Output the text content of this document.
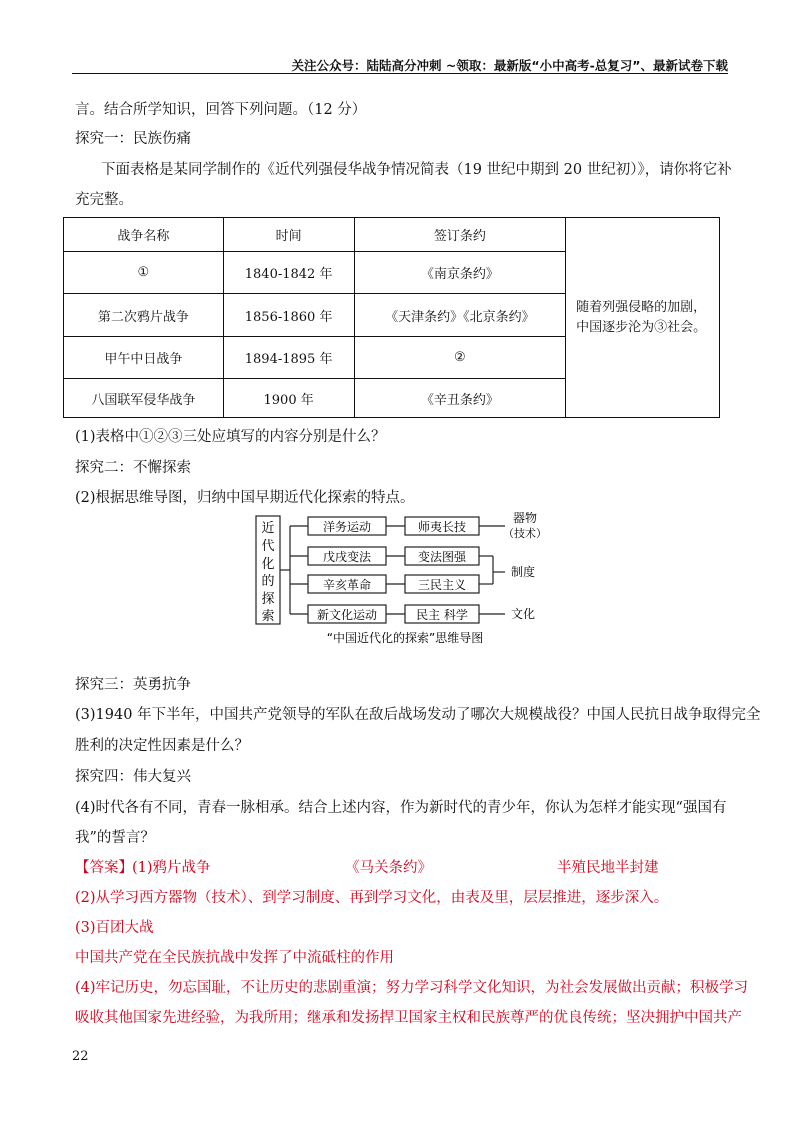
关注公众号：陆陆高分冲刺 ~领取：最新版“小中高考-总复习”、最新试卷下载
言。结合所学知识，回答下列问题。（12 分）
探究一：民族伤痛
下面表格是某同学制作的《近代列强侵华战争情况简表（19 世纪中期到 20 世纪初）》，请你将它补
充完整。
战争名称	时间	签订条约	随着列强侵略的加剧，中国逐步沦为③社会。
①	1840-1842 年	《南京条约》	
第二次鸦片战争	1856-1860 年	《天津条约》《北京条约》	
甲午中日战争	1894-1895 年	②	
八国联军侵华战争	1900 年	《辛丑条约》	
(1)表格中①②③三处应填写的内容分别是什么？
探究二：不懈探索
(2)根据思维导图，归纳中国早期近代化探索的特点。
近
代
化
的
探
索
洋务运动
戊戌变法
辛亥革命
新文化运动
师夷长技
变法图强
三民主义
民主 科学
器物
（技术）
制度
文化
“中国近代化的探索”思维导图
探究三：英勇抗争
(3)1940 年下半年，中国共产党领导的军队在敌后战场发动了哪次大规模战役？中国人民抗日战争取得完全
胜利的决定性因素是什么？
探究四：伟大复兴
(4)时代各有不同，青春一脉相承。结合上述内容，作为新时代的青少年，你认为怎样才能实现“强国有
我”的誓言？
【答案】 (1)鸦片战争	《马关条约》	半殖民地半封建
(2)从学习西方器物（技术）、到学习制度、再到学习文化，由表及里，层层推进，逐步深入。
(3)百团大战
中国共产党在全民族抗战中发挥了中流砥柱的作用
(4)牢记历史，勿忘国耻，不让历史的悲剧重演；努力学习科学文化知识，为社会发展做出贡献；积极学习
吸收其他国家先进经验，为我所用；继承和发扬捍卫国家主权和民族尊严的优良传统；坚决拥护中国共产
22
